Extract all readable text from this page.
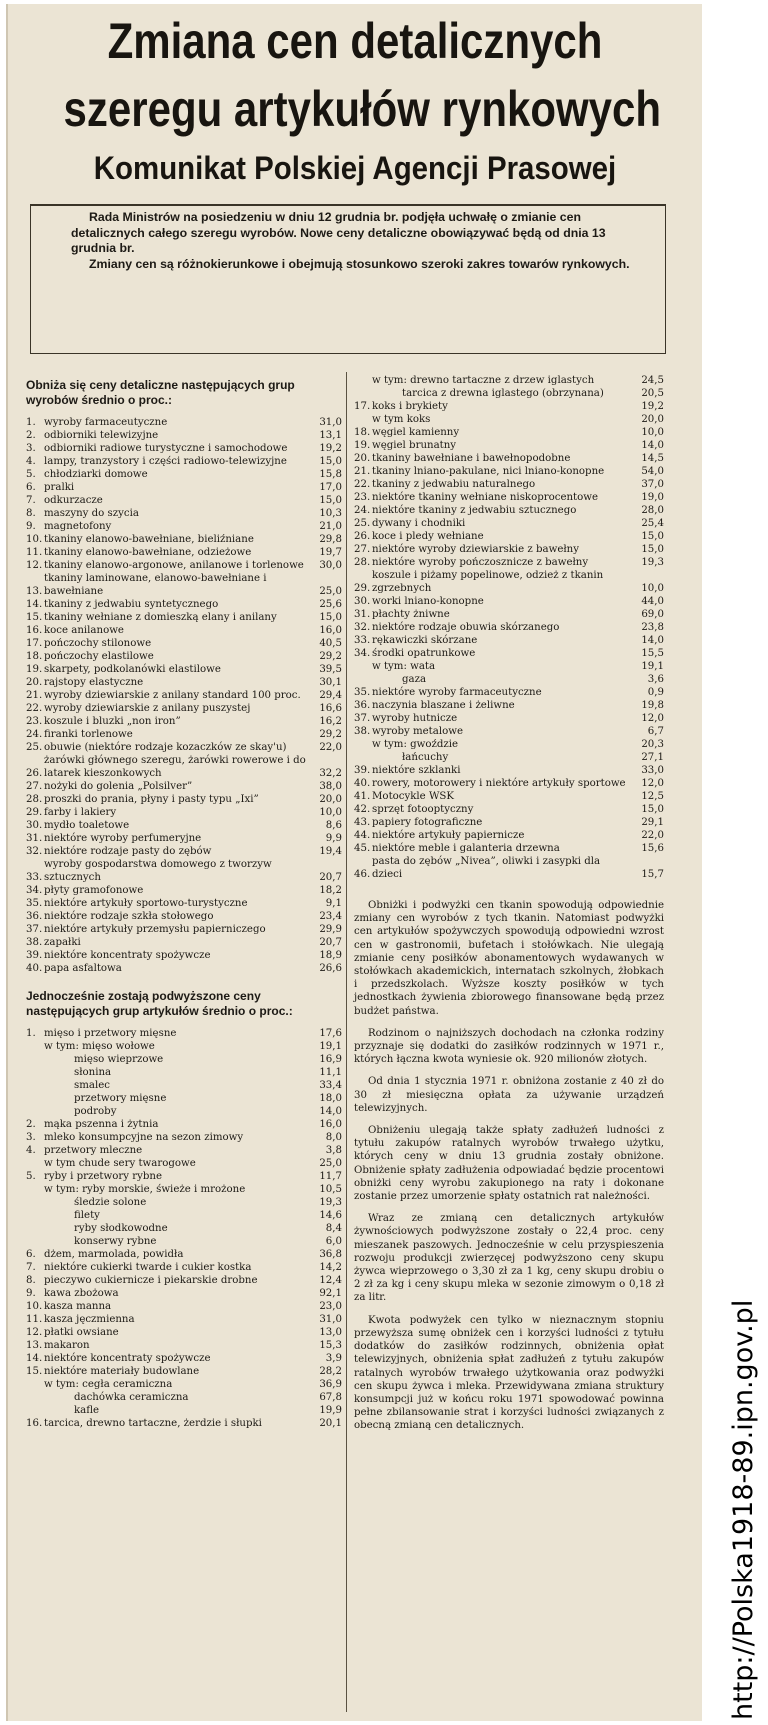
Zmiana cen detalicznych
szeregu artykułów rynkowych
Komunikat Polskiej Agencji Prasowej

Rada Ministrów na posiedzeniu w dniu 12 grudnia br. podjęła uchwałę o zmianie cen detalicznych całego szeregu wyrobów. Nowe ceny detaliczne obowiązywać będą od dnia 13 grudnia br.

Zmiany cen są różnokierunkowe i obejmują stosunkowo szeroki zakres towarów rynkowych.

Obniża się ceny detaliczne następujących grup wyrobów średnio o proc.:
1. wyroby farmaceutyczne	31,0
2. odbiorniki telewizyjne	13,1
3. odbiorniki radiowe turystyczne i samochodowe	19,2
4. lampy, tranzystory i części radiowo-telewizyjne	15,0
5. chłodziarki domowe	15,8
6. pralki	17,0
7. odkurzacze	15,0
8. maszyny do szycia	10,3
9. magnetofony	21,0
10. tkaniny elanowo-bawełniane, bieliźniane	29,8
11. tkaniny elanowo-bawełniane, odzieżowe	19,7
12. tkaniny elanowo-argonowe, anilanowe i torlenowe	30,0
13.
tkaniny laminowane, elanowo-bawełniane i bawełniane	25,0
14. tkaniny z jedwabiu syntetycznego	25,6
15. tkaniny wełniane z domieszką elany i anilany	15,0
16. koce anilanowe	16,0
17. pończochy stilonowe	40,5
18. pończochy elastilowe	29,2
19. skarpety, podkolanówki elastilowe	39,5
20. rajstopy elastyczne	30,1
21. wyroby dziewiarskie z anilany standard 100 proc.	29,4
22. wyroby dziewiarskie z anilany puszystej	16,6
23. koszule i bluzki „non iron”	16,2
24. firanki torlenowe	29,2
25. obuwie (niektóre rodzaje kozaczków ze skay'u)	22,0
26.
żarówki głównego szeregu, żarówki rowerowe i do latarek kieszonkowych	32,2
27. nożyki do golenia „Polsilver”	38,0
28. proszki do prania, płyny i pasty typu „Ixi”	20,0
29. farby i lakiery	10,0
30. mydło toaletowe	8,6
31. niektóre wyroby perfumeryjne	9,9
32. niektóre rodzaje pasty do zębów	19,4
33.
wyroby gospodarstwa domowego z tworzyw sztucznych	20,7
34. płyty gramofonowe	18,2
35. niektóre artykuły sportowo-turystyczne	9,1
36. niektóre rodzaje szkła stołowego	23,4
37. niektóre artykuły przemysłu papierniczego	29,9
38. zapałki	20,7
39. niektóre koncentraty spożywcze	18,9
40. papa asfaltowa	26,6
Jednocześnie zostają podwyższone ceny następujących grup artykułów średnio o proc.:
1. mięso i przetwory mięsne	17,6
w tym: mięso wołowe	19,1
mięso wieprzowe	16,9
słonina	11,1
smalec	33,4
przetwory mięsne	18,0
podroby	14,0
2. mąka pszenna i żytnia	16,0
3. mleko konsumpcyjne na sezon zimowy	8,0
4. przetwory mleczne	3,8
w tym chude sery twarogowe	25,0
5. ryby i przetwory rybne	11,7
w tym: ryby morskie, świeże i mrożone	10,5
śledzie solone	19,3
filety	14,6
ryby słodkowodne	8,4
konserwy rybne	6,0
6. dżem, marmolada, powidła	36,8
7. niektóre cukierki twarde i cukier kostka	14,2
8. pieczywo cukiernicze i piekarskie drobne	12,4
9. kawa zbożowa	92,1
10. kasza manna	23,0
11. kasza jęczmienna	31,0
12. płatki owsiane	13,0
13. makaron	15,3
14. niektóre koncentraty spożywcze	3,9
15. niektóre materiały budowlane	28,2
w tym: cegła ceramiczna	36,9
dachówka ceramiczna	67,8
kafle	19,9
16. tarcica, drewno tartaczne, żerdzie i słupki	20,1
w tym: drewno tartaczne z drzew iglastych	24,5
tarcica z drewna iglastego (obrzynana)	20,5
17. koks i brykiety	19,2
w tym koks	20,0
18. węgiel kamienny	10,0
19. węgiel brunatny	14,0
20. tkaniny bawełniane i bawełnopodobne	14,5
21. tkaniny lniano-pakulane, nici lniano-konopne	54,0
22. tkaniny z jedwabiu naturalnego	37,0
23. niektóre tkaniny wełniane niskoprocentowe	19,0
24. niektóre tkaniny z jedwabiu sztucznego	28,0
25. dywany i chodniki	25,4
26. koce i pledy wełniane	15,0
27. niektóre wyroby dziewiarskie z bawełny	15,0
28. niektóre wyroby pończosznicze z bawełny	19,3
29.
koszule i piżamy popelinowe, odzież z tkanin zgrzebnych	10,0
30. worki lniano-konopne	44,0
31. płachty żniwne	69,0
32. niektóre rodzaje obuwia skórzanego	23,8
33. rękawiczki skórzane	14,0
34. środki opatrunkowe	15,5
w tym: wata	19,1
gaza	3,6
35. niektóre wyroby farmaceutyczne	0,9
36. naczynia blaszane i żeliwne	19,8
37. wyroby hutnicze	12,0
38. wyroby metalowe	6,7
w tym: gwoździe	20,3
łańcuchy	27,1
39. niektóre szklanki	33,0
40. rowery, motorowery i niektóre artykuły sportowe	12,0
41. Motocykle WSK	12,5
42. sprzęt fotooptyczny	15,0
43. papiery fotograficzne	29,1
44. niektóre artykuły papiernicze	22,0
45. niektóre meble i galanteria drzewna	15,6
46.
pasta do zębów „Nivea”, oliwki i zasypki dla dzieci	15,7

Obniżki i podwyżki cen tkanin spowodują odpowiednie zmiany cen wyrobów z tych tkanin. Natomiast podwyżki cen artykułów spożywczych spowodują odpowiedni wzrost cen w gastronomii, bufetach i stołówkach. Nie ulegają zmianie ceny posiłków abonamentowych wydawanych w stołówkach akademickich, internatach szkolnych, żłobkach i przedszkolach. Wyższe koszty posiłków w tych jednostkach żywienia zbiorowego finansowane będą przez budżet państwa.

Rodzinom o najniższych dochodach na członka rodziny przyznaje się dodatki do zasiłków rodzinnych w 1971 r., których łączna kwota wyniesie ok. 920 milionów złotych.

Od dnia 1 stycznia 1971 r. obniżona zostanie z 40 zł do 30 zł miesięczna opłata za używanie urządzeń telewizyjnych.

Obniżeniu ulegają także spłaty zadłużeń ludności z tytułu zakupów ratalnych wyrobów trwałego użytku, których ceny w dniu 13 grudnia zostały obniżone. Obniżenie spłaty zadłużenia odpowiadać będzie procentowi obniżki ceny wyrobu zakupionego na raty i dokonane zostanie przez umorzenie spłaty ostatnich rat należności.

Wraz ze zmianą cen detalicznych artykułów żywnościowych podwyższone zostały o 22,4 proc. ceny mieszanek paszowych. Jednocześnie w celu przyspieszenia rozwoju produkcji zwierzęcej podwyższono ceny skupu żywca wieprzowego o 3,30 zł za 1 kg, ceny skupu drobiu o 2 zł za kg i ceny skupu mleka w sezonie zimowym o 0,18 zł za litr.

Kwota podwyżek cen tylko w nieznacznym stopniu przewyższa sumę obniżek cen i korzyści ludności z tytułu dodatków do zasiłków rodzinnych, obniżenia opłat telewizyjnych, obniżenia spłat zadłużeń z tytułu zakupów ratalnych wyrobów trwałego użytkowania oraz podwyżki cen skupu żywca i mleka. Przewidywana zmiana struktury konsumpcji już w końcu roku 1971 spowodować powinna pełne zbilansowanie strat i korzyści ludności związanych z obecną zmianą cen detalicznych.	http://Polska1918-89.ipn.gov.pl
